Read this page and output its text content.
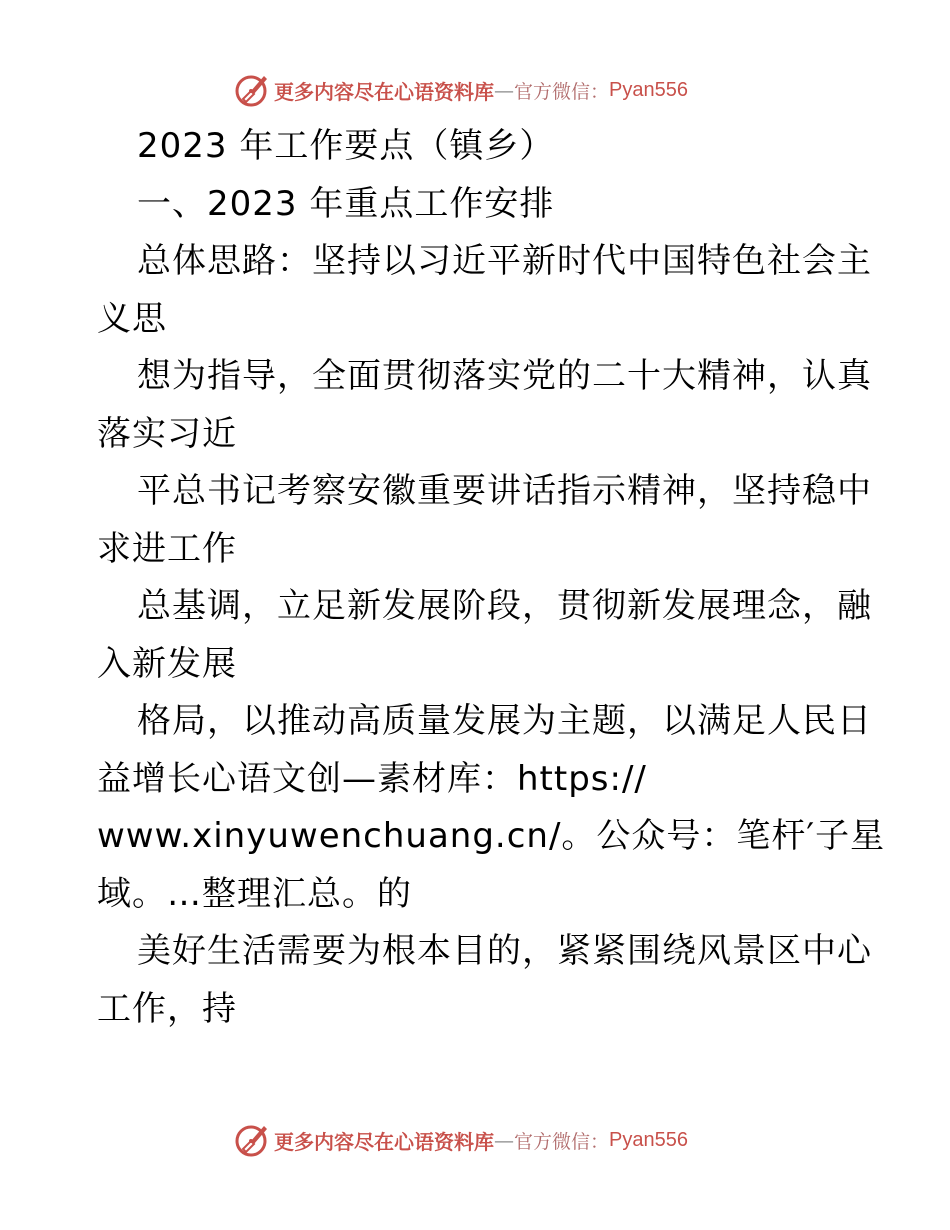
更多内容尽在心语资料库 — 官方微信： Pyan556
2023 年工作要点（镇乡）
一、2023 年重点工作安排
总体思路：坚持以习近平新时代中国特色社会主
义思
想为指导，全面贯彻落实党的二十大精神，认真
落实习近
平总书记考察安徽重要讲话指示精神，坚持稳中
求进工作
总基调，立足新发展阶段，贯彻新发展理念，融
入新发展
格局，以推动高质量发展为主题，以满足人民日
益增长心语文创—素材库：https://
www.xinyuwenchuang.cn/。公众号：笔杆′子星
域。…整理汇总。的
美好生活需要为根本目的，紧紧围绕风景区中心
工作，持
更多内容尽在心语资料库 — 官方微信： Pyan556
